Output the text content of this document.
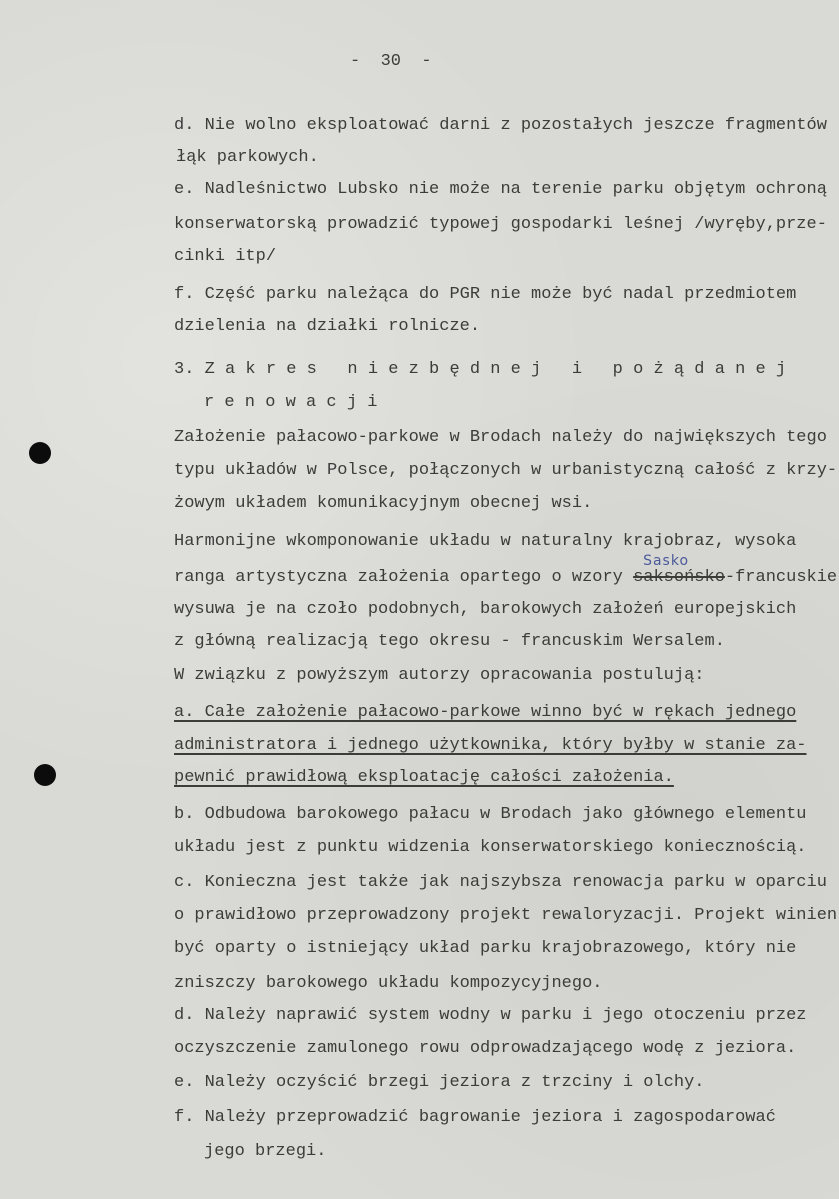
-  30  -
d. Nie wolno eksploatować darni z pozostałych jeszcze fragmentów
łąk parkowych.
e. Nadleśnictwo Lubsko nie może na terenie parku objętym ochroną
konserwatorską prowadzić typowej gospodarki leśnej /wyręby,prze-
cinki itp/
f. Część parku należąca do PGR nie może być nadal przedmiotem
dzielenia na działki rolnicze.
3. Z a k r e s   n i e z b ę d n e j   i   p o ż ą d a n e j
r e n o w a c j i
Założenie pałacowo-parkowe w Brodach należy do największych tego
typu układów w Polsce, połączonych w urbanistyczną całość z krzy-
żowym układem komunikacyjnym obecnej wsi.
Harmonijne wkomponowanie układu w naturalny krajobraz, wysoka
wysuwa je na czoło podobnych, barokowych założeń europejskich
z główną realizacją tego okresu - francuskim Wersalem.
W związku z powyższym autorzy opracowania postulują:
a. Całe założenie pałacowo-parkowe winno być w rękach jednego
administratora i jednego użytkownika, który byłby w stanie za-
pewnić prawidłową eksploatację całości założenia.
b. Odbudowa barokowego pałacu w Brodach jako głównego elementu
układu jest z punktu widzenia konserwatorskiego koniecznością.
c. Konieczna jest także jak najszybsza renowacja parku w oparciu
o prawidłowo przeprowadzony projekt rewaloryzacji. Projekt winien
być oparty o istniejący układ parku krajobrazowego, który nie
zniszczy barokowego układu kompozycyjnego.
d. Należy naprawić system wodny w parku i jego otoczeniu przez
oczyszczenie zamulonego rowu odprowadzającego wodę z jeziora.
e. Należy oczyścić brzegi jeziora z trzciny i olchy.
f. Należy przeprowadzić bagrowanie jeziora i zagospodarować
jego brzegi.
ranga artystyczna założenia opartego o wzory saksońsko
Sasko
-francuskie
